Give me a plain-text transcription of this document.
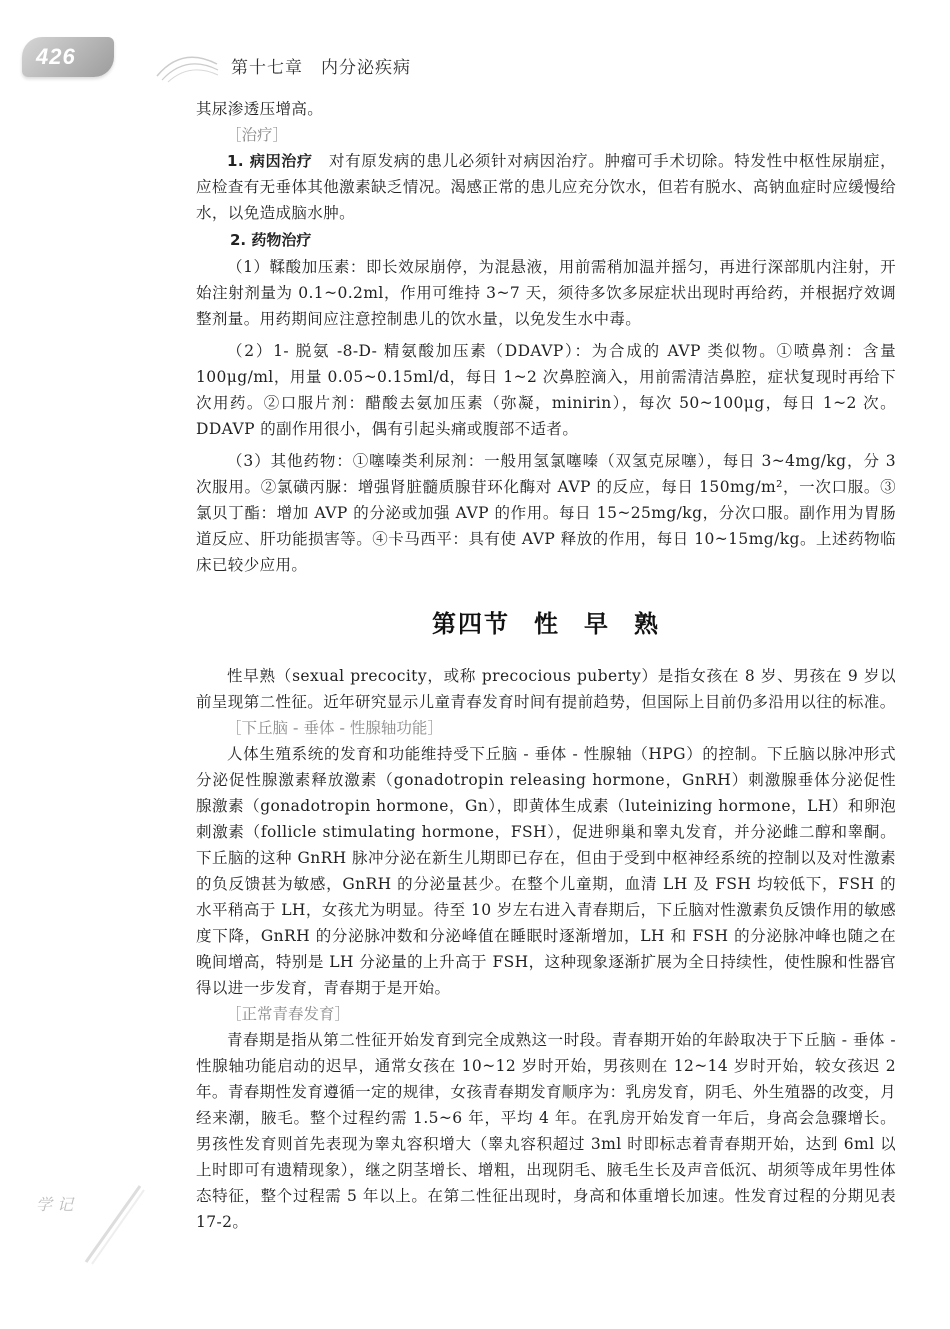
426	第十七章　内分泌疾病

其尿渗透压增高。

［治疗］

1. 病因治疗　 对有原发病的患儿必须针对病因治疗。肿瘤可手术切除。特发性中枢性尿崩症，应检查有无垂体其他激素缺乏情况。渴感正常的患儿应充分饮水，但若有脱水、高钠血症时应缓慢给水，以免造成脑水肿。

2. 药物治疗

（1）鞣酸加压素：即长效尿崩停，为混悬液，用前需稍加温并摇匀，再进行深部肌内注射，开始注射剂量为 0.1~0.2ml，作用可维持 3~7 天，须待多饮多尿症状出现时再给药，并根据疗效调整剂量。用药期间应注意控制患儿的饮水量，以免发生水中毒。

（2）1- 脱氨 -8-D- 精氨酸加压素（DDAVP）：为合成的 AVP 类似物。①喷鼻剂：含量 100μg/ml，用量 0.05~0.15ml/d，每日 1~2 次鼻腔滴入，用前需清洁鼻腔，症状复现时再给下次用药。②口服片剂：醋酸去氨加压素（弥凝，minirin），每次 50~100μg，每日 1~2 次。DDAVP 的副作用很小，偶有引起头痛或腹部不适者。

（3）其他药物：①噻嗪类利尿剂：一般用氢氯噻嗪（双氢克尿噻），每日 3~4mg/kg，分 3 次服用。②氯磺丙脲：增强肾脏髓质腺苷环化酶对 AVP 的反应，每日 150mg/m²，一次口服。③氯贝丁酯：增加 AVP 的分泌或加强 AVP 的作用。每日 15~25mg/kg，分次口服。副作用为胃肠道反应、肝功能损害等。④卡马西平：具有使 AVP 释放的作用，每日 10~15mg/kg。上述药物临床已较少应用。

第四节 性 早 熟

性早熟（sexual precocity，或称 precocious puberty）是指女孩在 8 岁、男孩在 9 岁以前呈现第二性征。近年研究显示儿童青春发育时间有提前趋势，但国际上目前仍多沿用以往的标准。

［下丘脑 - 垂体 - 性腺轴功能］

人体生殖系统的发育和功能维持受下丘脑 - 垂体 - 性腺轴（HPG）的控制。下丘脑以脉冲形式分泌促性腺激素释放激素（gonadotropin releasing hormone，GnRH）刺激腺垂体分泌促性腺激素（gonadotropin hormone，Gn），即黄体生成素（luteinizing hormone，LH）和卵泡刺激素（follicle stimulating hormone，FSH），促进卵巢和睾丸发育，并分泌雌二醇和睾酮。下丘脑的这种 GnRH 脉冲分泌在新生儿期即已存在，但由于受到中枢神经系统的控制以及对性激素的负反馈甚为敏感，GnRH 的分泌量甚少。在整个儿童期，血清 LH 及 FSH 均较低下，FSH 的水平稍高于 LH，女孩尤为明显。待至 10 岁左右进入青春期后，下丘脑对性激素负反馈作用的敏感度下降，GnRH 的分泌脉冲数和分泌峰值在睡眠时逐渐增加，LH 和 FSH 的分泌脉冲峰也随之在晚间增高，特别是 LH 分泌量的上升高于 FSH，这种现象逐渐扩展为全日持续性，使性腺和性器官得以进一步发育，青春期于是开始。

［正常青春发育］

青春期是指从第二性征开始发育到完全成熟这一时段。青春期开始的年龄取决于下丘脑 - 垂体 - 性腺轴功能启动的迟早，通常女孩在 10~12 岁时开始，男孩则在 12~14 岁时开始，较女孩迟 2 年。青春期性发育遵循一定的规律，女孩青春期发育顺序为：乳房发育，阴毛、外生殖器的改变，月经来潮，腋毛。整个过程约需 1.5~6 年，平均 4 年。在乳房开始发育一年后，身高会急骤增长。男孩性发育则首先表现为睾丸容积增大（睾丸容积超过 3ml 时即标志着青春期开始，达到 6ml 以上时即可有遗精现象），继之阴茎增长、增粗，出现阴毛、腋毛生长及声音低沉、胡须等成年男性体态特征，整个过程需 5 年以上。在第二性征出现时，身高和体重增长加速。性发育过程的分期见表 17-2。

学 记
